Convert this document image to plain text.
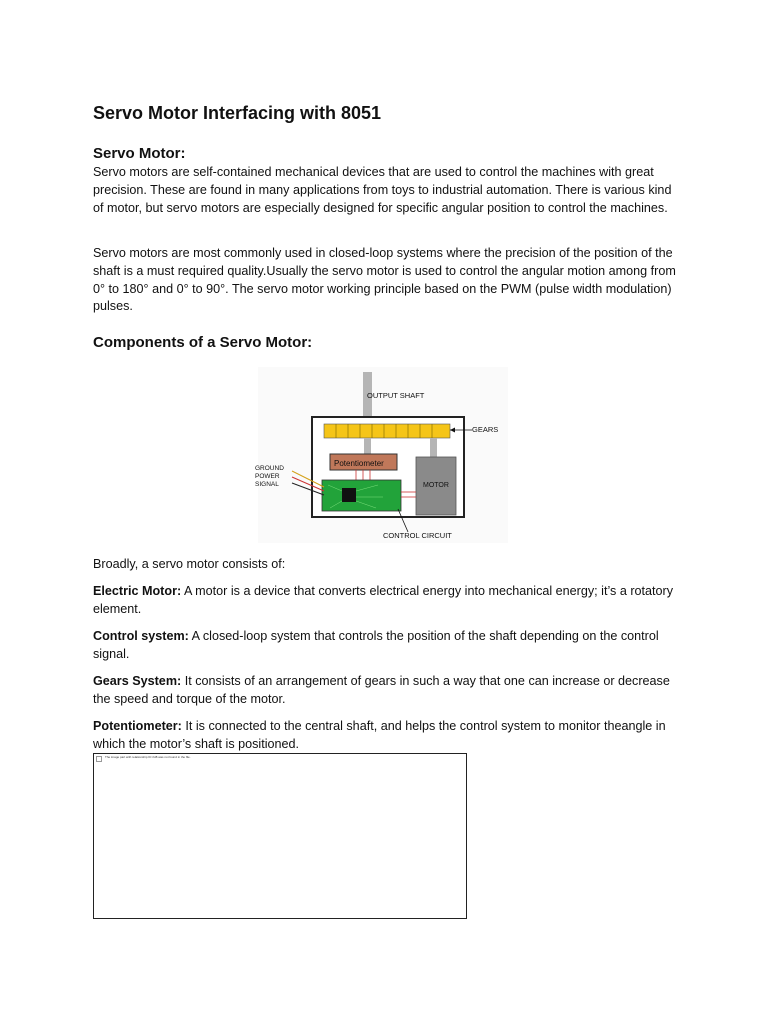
Servo Motor Interfacing with 8051
Servo Motor:

Servo motors are self-contained mechanical devices that are used to control the machines with great precision. These are found in many applications from toys to industrial automation. There is various kind of motor, but servo motors are especially designed for specific angular position to control the machines.

Servo motors are most commonly used in closed-loop systems where the precision of the position of the shaft is a must required quality.Usually the servo motor is used to control the angular motion among from 0° to 180° and 0° to 90°. The servo motor working principle based on the PWM (pulse width modulation) pulses.

Components of a Servo Motor:
Potentiometer
MOTOR
OUTPUT SHAFT
GEARS
GROUND
POWER
SIGNAL
CONTROL CIRCUIT

Broadly, a servo motor consists of:

Electric Motor: A motor is a device that converts electrical energy into mechanical energy; it’s a rotatory element.

Control system: A closed-loop system that controls the position of the shaft depending on the control signal.

Gears System: It consists of an arrangement of gears in such a way that one can increase or decrease the speed and torque of the motor.

Potentiometer: It is connected to the central shaft, and helps the control system to monitor theangle in which the motor’s shaft is positioned.

The image part with relationship ID rId8 was not found in the file.
